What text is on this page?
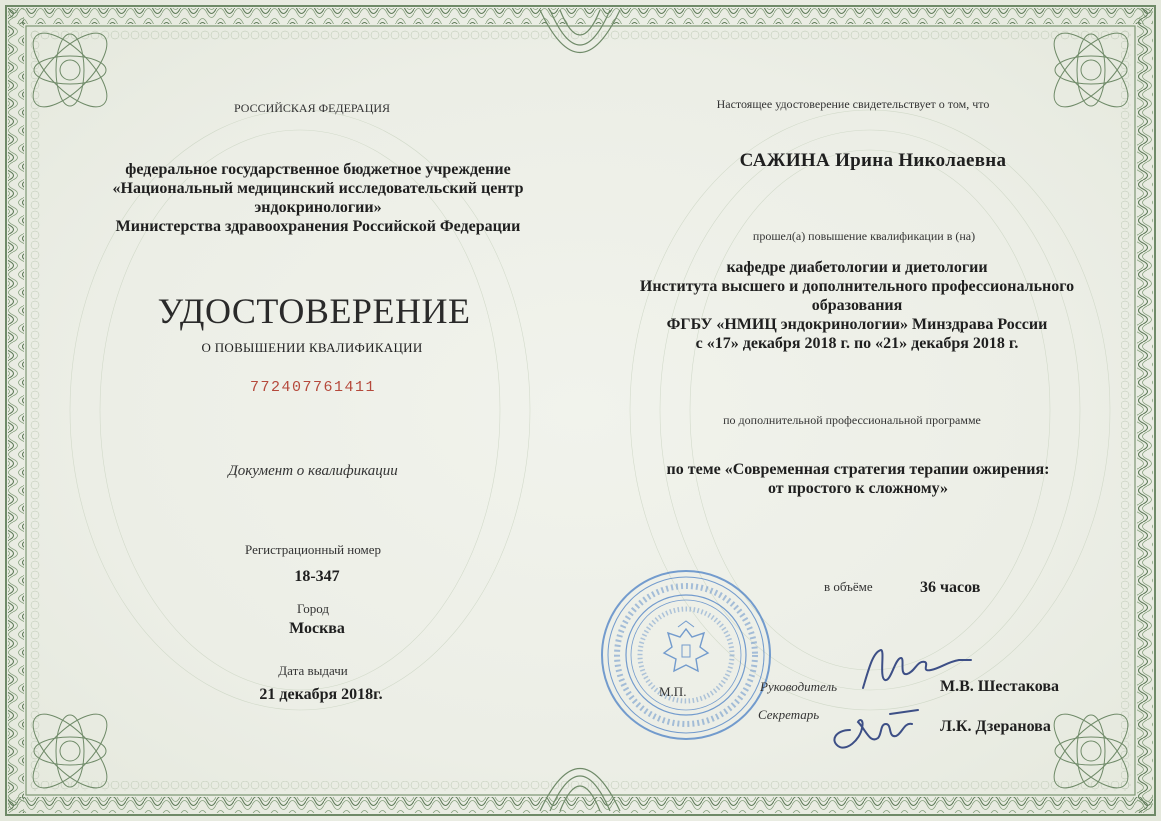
РОССИЙСКАЯ ФЕДЕРАЦИЯ
федеральное государственное бюджетное учреждение
«Национальный медицинский исследовательский центр
эндокринологии»
Министерства здравоохранения Российской Федерации
УДОСТОВЕРЕНИЕ
О ПОВЫШЕНИИ КВАЛИФИКАЦИИ
772407761411
Документ о квалификации
Регистрационный номер
18-347
Город
Москва
Дата выдачи
21 декабря 2018г.
Настоящее удостоверение свидетельствует о том, что
САЖИНА Ирина Николаевна
прошел(а) повышение квалификации в (на)
кафедре диабетологии и диетологии
Института высшего и дополнительного профессионального
образования
ФГБУ «НМИЦ эндокринологии» Минздрава России
с «17» декабря 2018 г. по «21» декабря 2018 г.
по дополнительной профессиональной программе
по теме «Современная стратегия терапии ожирения:
от простого к сложному»
в объёме	36 часов
М.П.	Руководитель	М.В. Шестакова
Секретарь
Л.К. Дзеранова
